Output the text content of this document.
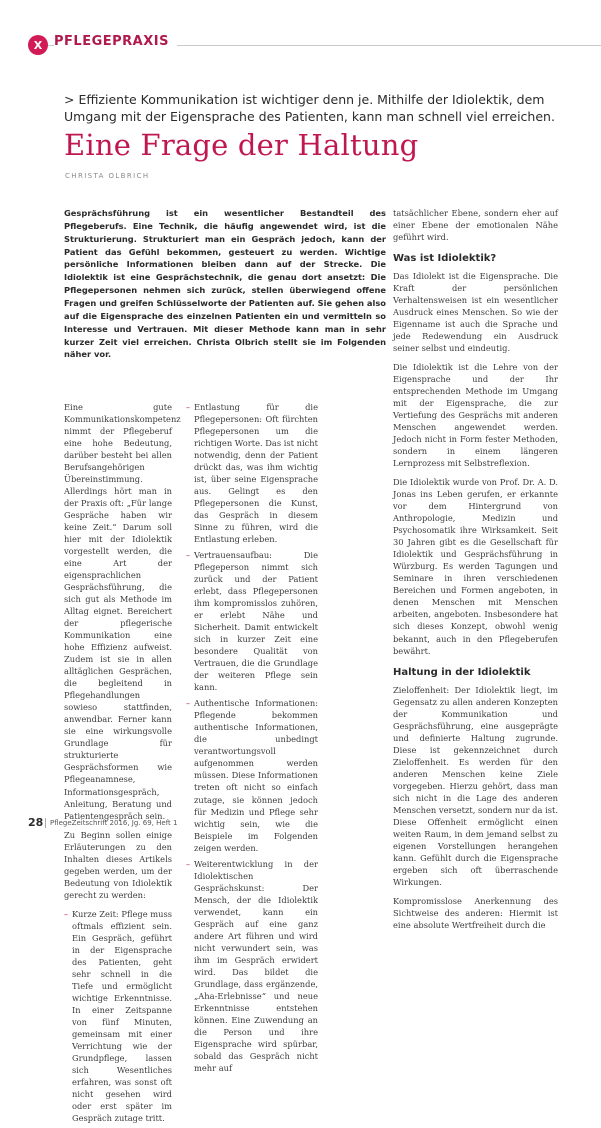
X PFLEGEPRAXIS
> Effiziente Kommunikation ist wichtiger denn je. Mithilfe der Idiolektik, dem Umgang mit der Eigensprache des Patienten, kann man schnell viel erreichen.
Eine Frage der Haltung
CHRISTA OLBRICH

Gesprächsführung ist ein wesentlicher Bestandteil des Pflegeberufs. Eine Technik, die häufig angewendet wird, ist die Strukturierung. Strukturiert man ein Gespräch jedoch, kann der Patient das Gefühl bekommen, gesteuert zu werden. Wichtige persönliche Informationen bleiben dann auf der Strecke. Die Idiolektik ist eine Gesprächstechnik, die genau dort ansetzt: Die Pflegepersonen nehmen sich zurück, stellen überwiegend offene Fragen und greifen Schlüsselworte der Patienten auf. Sie gehen also auf die Eigensprache des einzelnen Patienten ein und vermitteln so Interesse und Vertrauen. Mit dieser Methode kann man in sehr kurzer Zeit viel erreichen. Christa Olbrich stellt sie im Folgenden näher vor.

Eine gute Kommunikationskompetenz nimmt der Pflegeberuf eine hohe Bedeutung, darüber besteht bei allen Berufsangehörigen Übereinstimmung. Allerdings hört man in der Praxis oft: „Für lange Gespräche haben wir keine Zeit.“ Darum soll hier mit der Idiolektik vorgestellt werden, die eine Art der eigensprachlichen Gesprächsführung, die sich gut als Methode im Alltag eignet. Bereichert der pflegerische Kommunikation eine hohe Effizienz aufweist. Zudem ist sie in allen alltäglichen Gesprächen, die begleitend in Pflegehandlungen sowieso stattfinden, anwendbar. Ferner kann sie eine wirkungsvolle Grundlage für strukturierte Gesprächsformen wie Pflegeanamnese, Informationsgespräch, Anleitung, Beratung und Patientengespräch sein.

Zu Beginn sollen einige Erläuterungen zu den Inhalten dieses Artikels gegeben werden, um der Bedeutung von Idiolektik gerecht zu werden:

– Kurze Zeit: Pflege muss oftmals effizient sein. Ein Gespräch, geführt in der Eigensprache des Patienten, geht sehr schnell in die Tiefe und ermöglicht wichtige Erkenntnisse. In einer Zeitspanne von fünf Minuten, gemeinsam mit einer Verrichtung wie der Grundpflege, lassen sich Wesentliches erfahren, was sonst oft nicht gesehen wird oder erst später im Gespräch zutage tritt.
– Entlastung für die Pflegepersonen: Oft fürchten Pflegepersonen um die richtigen Worte. Das ist nicht notwendig, denn der Patient drückt das, was ihm wichtig ist, über seine Eigensprache aus. Gelingt es den Pflegepersonen die Kunst, das Gespräch in diesem Sinne zu führen, wird die Entlastung erleben.
– Vertrauensaufbau: Die Pflegeperson nimmt sich zurück und der Patient erlebt, dass Pflegepersonen ihm kompromisslos zuhören, er erlebt Nähe und Sicherheit. Damit entwickelt sich in kurzer Zeit eine besondere Qualität von Vertrauen, die die Grundlage der weiteren Pflege sein kann.
– Authentische Informationen: Pflegende bekommen authentische Informationen, die unbedingt verantwortungsvoll aufgenommen werden müssen. Diese Informationen treten oft nicht so einfach zutage, sie können jedoch für Medizin und Pflege sehr wichtig sein, wie die Beispiele im Folgenden zeigen werden.
– Weiterentwicklung in der Idiolektischen Gesprächskunst: Der Mensch, der die Idiolektik verwendet, kann ein Gespräch auf eine ganz andere Art führen und wird nicht verwundert sein, was ihm im Gespräch erwidert wird. Das bildet die Grundlage, dass ergänzende, „Aha-Erlebnisse“ und neue Erkenntnisse entstehen können. Eine Zuwendung an die Person und ihre Eigensprache wird spürbar, sobald das Gespräch nicht mehr auf

tatsächlicher Ebene, sondern eher auf einer Ebene der emotionalen Nähe geführt wird.

Was ist Idiolektik?

Das Idiolekt ist die Eigensprache. Die Kraft der persönlichen Verhaltensweisen ist ein wesentlicher Ausdruck eines Menschen. So wie der Eigenname ist auch die Sprache und jede Redewendung ein Ausdruck seiner selbst und eindeutig.

Die Idiolektik ist die Lehre von der Eigensprache und der Ihr entsprechenden Methode im Umgang mit der Eigensprache, die zur Vertiefung des Gesprächs mit anderen Menschen angewendet werden. Jedoch nicht in Form fester Methoden, sondern in einem längeren Lernprozess mit Selbstreflexion.

Die Idiolektik wurde von Prof. Dr. A. D. Jonas ins Leben gerufen, er erkannte vor dem Hintergrund von Anthropologie, Medizin und Psychosomatik ihre Wirksamkeit. Seit 30 Jahren gibt es die Gesellschaft für Idiolektik und Gesprächsführung in Würzburg. Es werden Tagungen und Seminare in ihren verschiedenen Bereichen und Formen angeboten, in denen Menschen mit Menschen arbeiten, angeboten. Insbesondere hat sich dieses Konzept, obwohl wenig bekannt, auch in den Pflegeberufen bewährt.

Haltung in der Idiolektik

Zieloffenheit: Der Idiolektik liegt, im Gegensatz zu allen anderen Konzepten der Kommunikation und Gesprächsführung, eine ausgeprägte und definierte Haltung zugrunde. Diese ist gekennzeichnet durch Zieloffenheit. Es werden für den anderen Menschen keine Ziele vorgegeben. Hierzu gehört, dass man sich nicht in die Lage des anderen Menschen versetzt, sondern nur da ist. Diese Offenheit ermöglicht einen weiten Raum, in dem jemand selbst zu eigenen Vorstellungen herangehen kann. Gefühlt durch die Eigensprache ergeben sich oft überraschende Wirkungen.

Kompromisslose Anerkennung des Sichtweise des anderen: Hiermit ist eine absolute Wertfreiheit durch die

28 PflegeZeitschrift 2016, Jg. 69, Heft 1
